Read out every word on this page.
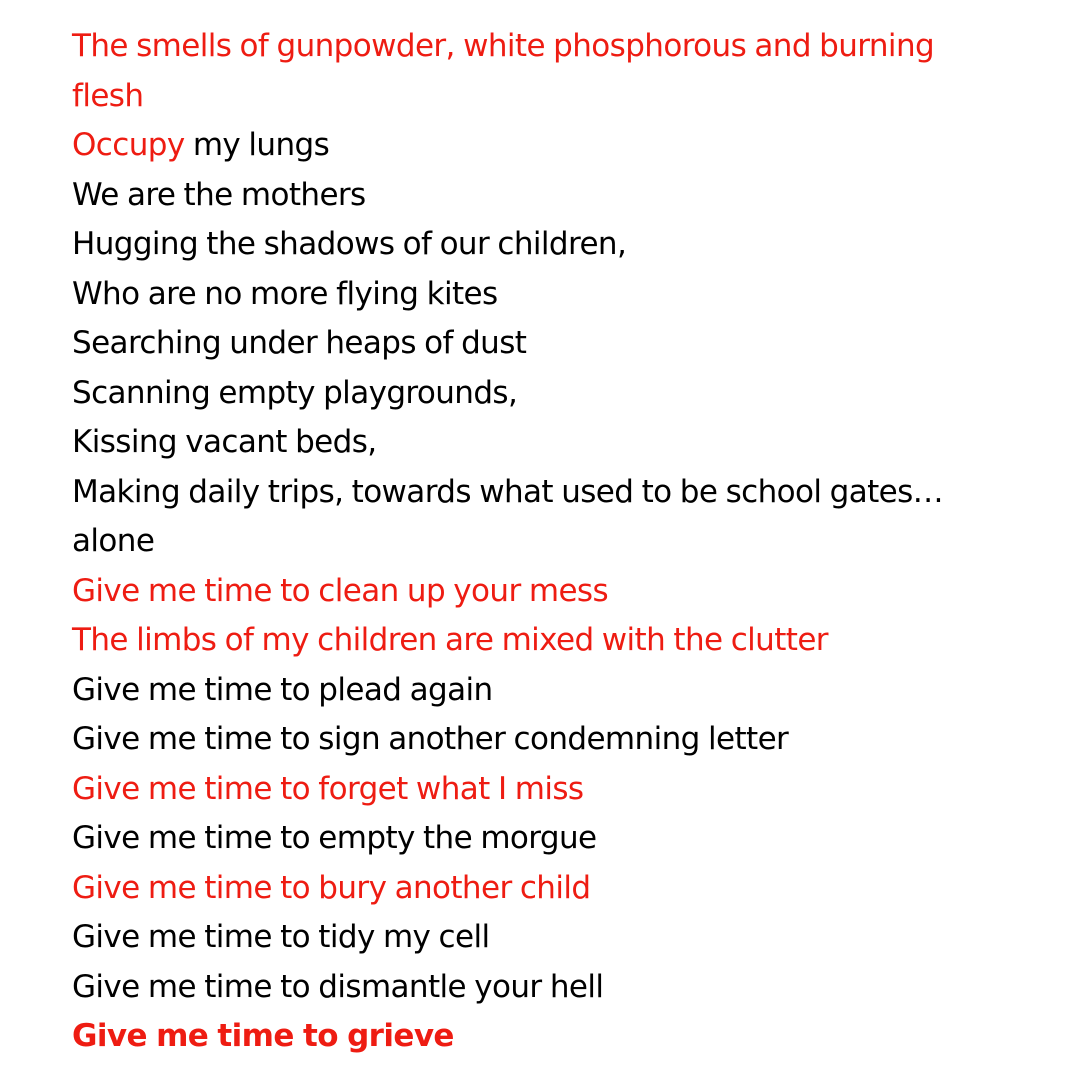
The smells of gunpowder, white phosphorous and burning
flesh
Occupy my lungs
We are the mothers
Hugging the shadows of our children,
Who are no more flying kites
Searching under heaps of dust
Scanning empty playgrounds,
Kissing vacant beds,
Making daily trips, towards what used to be school gates…
alone
Give me time to clean up your mess
The limbs of my children are mixed with the clutter
Give me time to plead again
Give me time to sign another condemning letter
Give me time to forget what I miss
Give me time to empty the morgue
Give me time to bury another child
Give me time to tidy my cell
Give me time to dismantle your hell
Give me time to grieve
